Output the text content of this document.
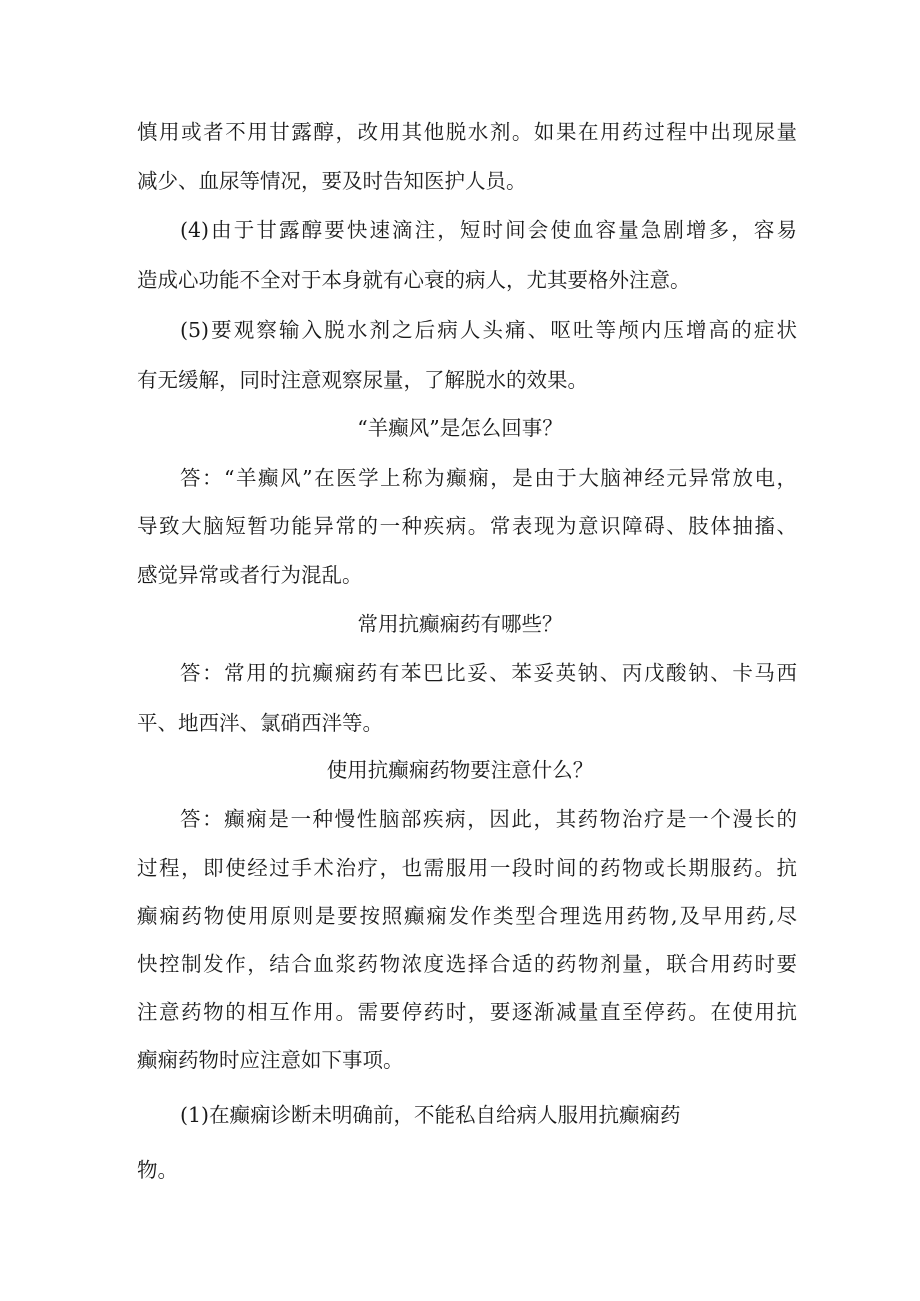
慎用或者不用甘露醇，改用其他脱水剂。如果在用药过程中出现尿量
减少、血尿等情况，要及时告知医护人员。
(4)由于甘露醇要快速滴注，短时间会使血容量急剧增多，容易
造成心功能不全对于本身就有心衰的病人，尤其要格外注意。
(5)要观察输入脱水剂之后病人头痛、呕吐等颅内压增高的症状
有无缓解，同时注意观察尿量，了解脱水的效果。
“羊癫风”是怎么回事？
答：“羊癫风”在医学上称为癫痫，是由于大脑神经元异常放电，
导致大脑短暂功能异常的一种疾病。常表现为意识障碍、肢体抽搐、
感觉异常或者行为混乱。
常用抗癫痫药有哪些？
答：常用的抗癫痫药有苯巴比妥、苯妥英钠、丙戊酸钠、卡马西
平、地西泮、氯硝西泮等。
使用抗癫痫药物要注意什么？
答：癫痫是一种慢性脑部疾病，因此，其药物治疗是一个漫长的
过程，即使经过手术治疗，也需服用一段时间的药物或长期服药。抗
癫痫药物使用原则是要按照癫痫发作类型合理选用药物,及早用药,尽
快控制发作，结合血浆药物浓度选择合适的药物剂量，联合用药时要
注意药物的相互作用。需要停药时，要逐渐减量直至停药。在使用抗
癫痫药物时应注意如下事项。
(1)在癫痫诊断未明确前，不能私自给病人服用抗癫痫药
物。
